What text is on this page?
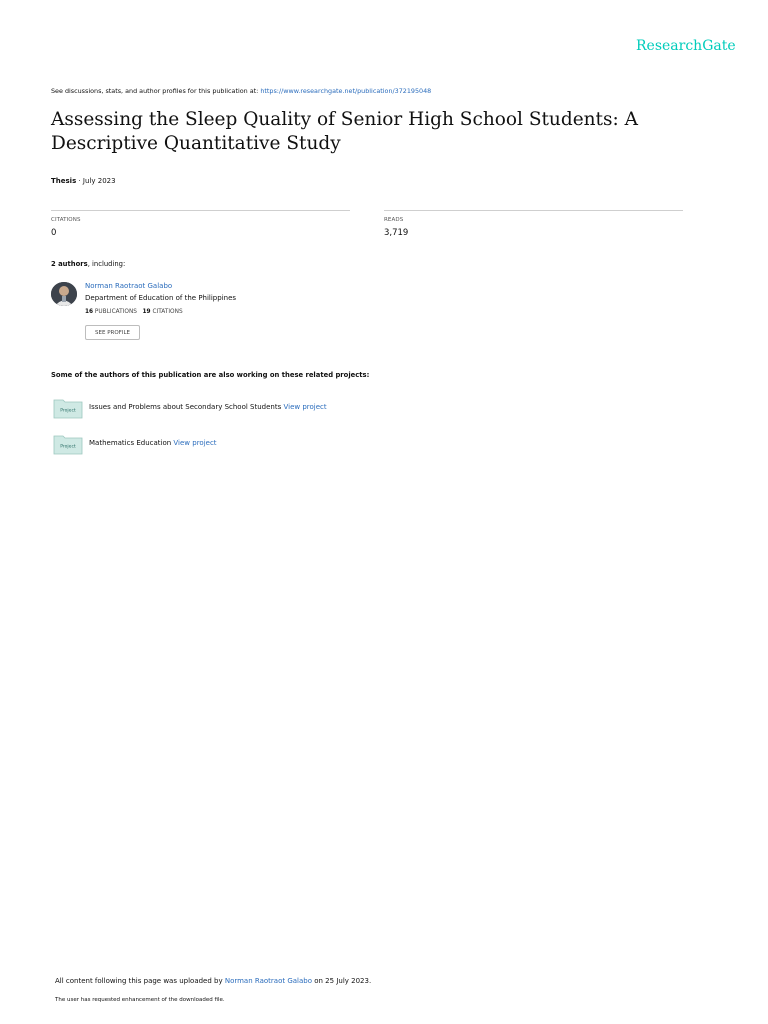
ResearchGate
See discussions, stats, and author profiles for this publication at: https://www.researchgate.net/publication/372195048
Assessing the Sleep Quality of Senior High School Students: A Descriptive Quantitative Study
Thesis · July 2023
CITATIONS
0
READS
3,719
2 authors, including:
Norman Raotraot Galabo
Department of Education of the Philippines
16 PUBLICATIONS 19 CITATIONS
SEE PROFILE
Some of the authors of this publication are also working on these related projects:
Project Issues and Problems about Secondary School Students View project
Project Mathematics Education View project
All content following this page was uploaded by Norman Raotraot Galabo on 25 July 2023.
The user has requested enhancement of the downloaded file.
